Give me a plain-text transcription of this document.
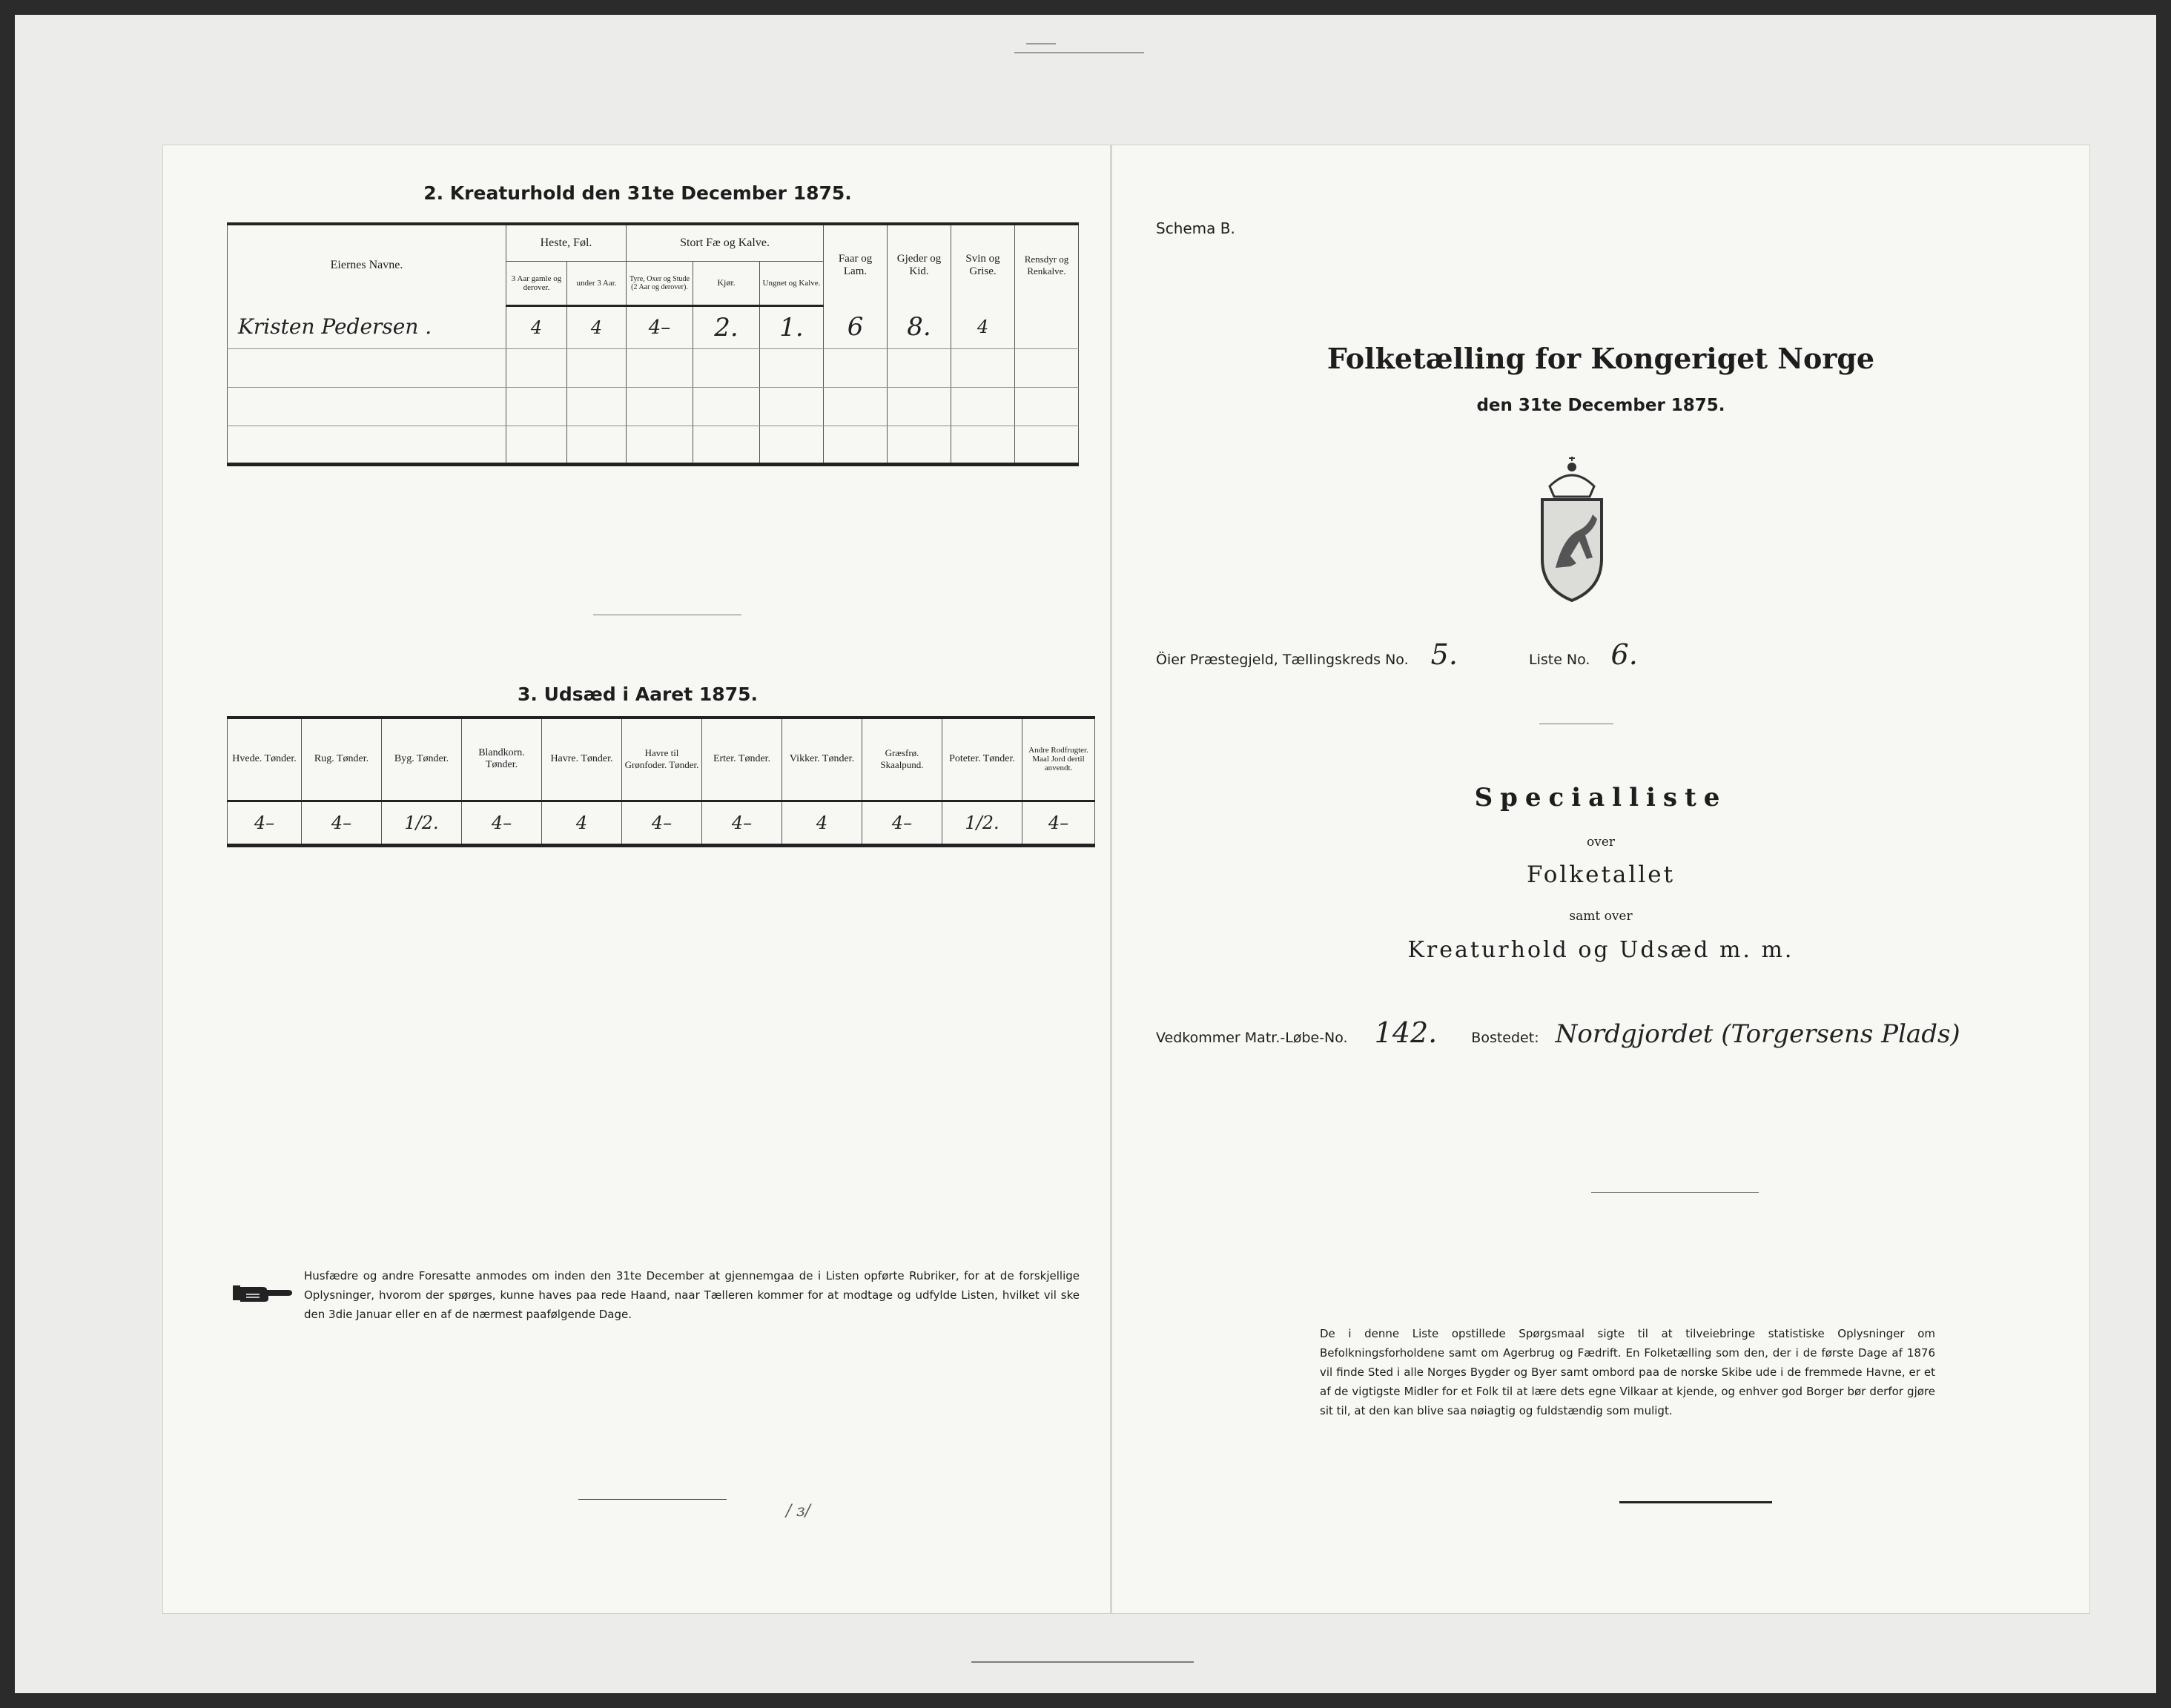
2. Kreaturhold den 31te December 1875.
Eiernes Navne.	Heste, Føl.		Stort Fæ og Kalve.			Faar og Lam.	Gjeder og Kid.	Svin og Grise.	Rensdyr og Renkalve.
	3 Aar gamle og derover.	under 3 Aar.	Tyre, Oxer og Stude (2 Aar og derover).	Kjør.	Ungnet og Kalve.				
Kristen Pedersen .	4	4	4–	2.	1.	6	8.	4	

3. Udsæd i Aaret 1875.
Hvede. Tønder.	Rug. Tønder.	Byg. Tønder.	Blandkorn. Tønder.	Havre. Tønder.	Havre til Grønfoder. Tønder.	Erter. Tønder.	Vikker. Tønder.	Græsfrø. Skaalpund.	Poteter. Tønder.	Andre Rodfrugter. Maal Jord dertil anvendt.
4–	4–	1/2.	4–	4	4–	4–	4	4–	1/2.	4–
Husfædre og andre Foresatte anmodes om inden den 31te December at gjennemgaa de i Listen opførte Rubriker, for at de forskjellige Oplysninger, hvorom der spørges, kunne haves paa rede Haand, naar Tælleren kommer for at modtage og udfylde Listen, hvilket vil ske den 3die Januar eller en af de nærmest paafølgende Dage.
/ ɜ/
Schema B.
Folketælling for Kongeriget Norge
den 31te December 1875.
Öier Præstegjeld, Tællingskreds No. 5.	Liste No. 6.
Specialliste
over
Folketallet
samt over
Kreaturhold og Udsæd m. m.
Vedkommer Matr.-Løbe-No. 142. Bostedet: Nordgjordet (Torgersens Plads)
De i denne Liste opstillede Spørgsmaal sigte til at tilveiebringe statistiske Oplysninger om Befolkningsforholdene samt om Agerbrug og Fædrift. En Folketælling som den, der i de første Dage af 1876 vil finde Sted i alle Norges Bygder og Byer samt ombord paa de norske Skibe ude i de fremmede Havne, er et af de vigtigste Midler for et Folk til at lære dets egne Vilkaar at kjende, og enhver god Borger bør derfor gjøre sit til, at den kan blive saa nøiagtig og fuldstændig som muligt.
